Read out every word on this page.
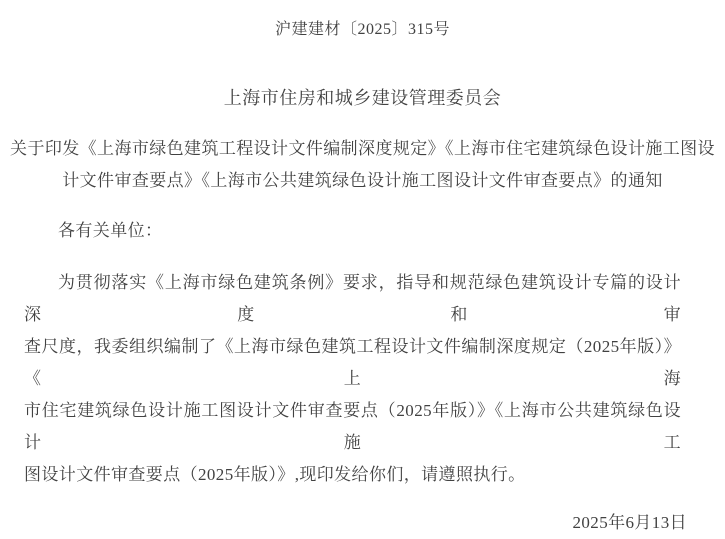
沪建建材〔2025〕315号
上海市住房和城乡建设管理委员会
关于印发《上海市绿色建筑工程设计文件编制深度规定》《上海市住宅建筑绿色设计施工图设
计文件审查要点》《上海市公共建筑绿色设计施工图设计文件审查要点》的通知
各有关单位：
为贯彻落实《上海市绿色建筑条例》要求，指导和规范绿色建筑设计专篇的设计深度和审
查尺度，我委组织编制了《上海市绿色建筑工程设计文件编制深度规定（2025年版）》《上海
市住宅建筑绿色设计施工图设计文件审查要点（2025年版）》《上海市公共建筑绿色设计施工
图设计文件审查要点（2025年版）》,现印发给你们，请遵照执行。
2025年6月13日
